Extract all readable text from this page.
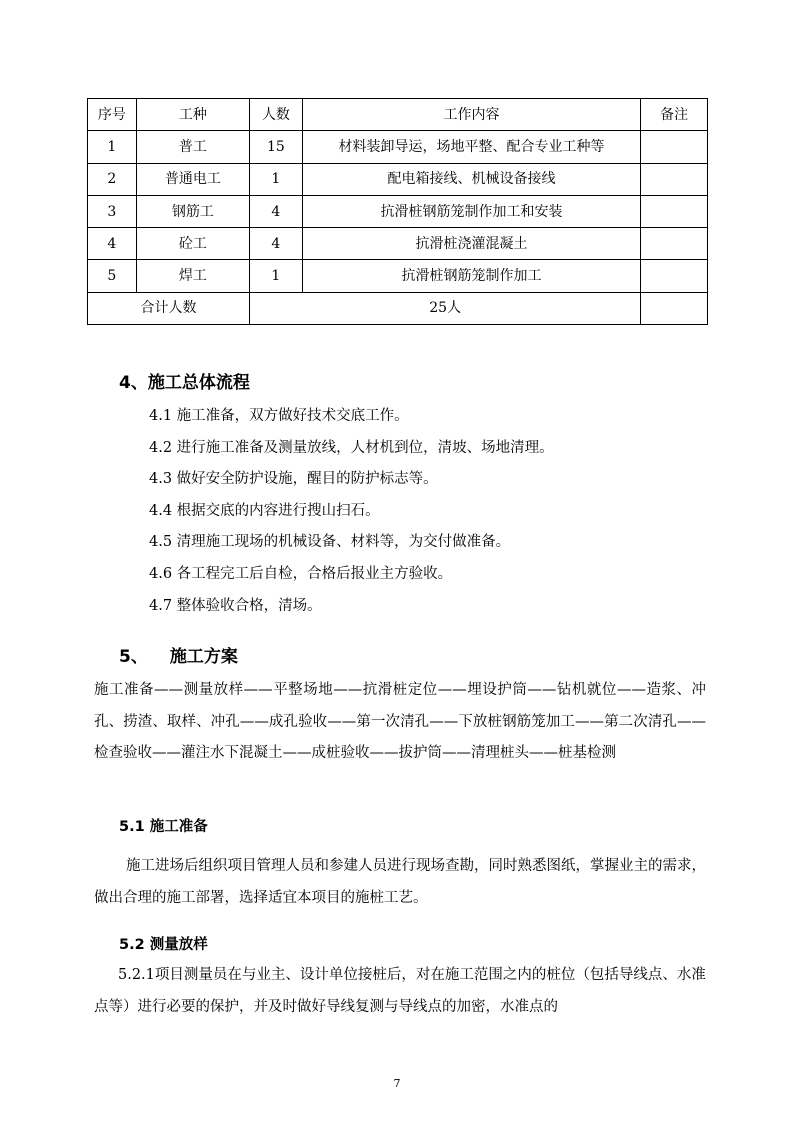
序号	工种	人数	工作内容	备注
1	普工	15	材料装卸导运，场地平整、配合专业工种等	
2	普通电工	1	配电箱接线、机械设备接线	
3	钢筋工	4	抗滑桩钢筋笼制作加工和安装	
4	砼工	4	抗滑桩浇灌混凝土	
5	焊工	1	抗滑桩钢筋笼制作加工	
合计人数		25人		
4、施工总体流程
4.1 施工准备，双方做好技术交底工作。
4.2 进行施工准备及测量放线，人材机到位，清坡、场地清理。
4.3 做好安全防护设施，醒目的防护标志等。
4.4 根据交底的内容进行搜山扫石。
4.5 清理施工现场的机械设备、材料等，为交付做准备。
4.6 各工程完工后自检，合格后报业主方验收。
4.7 整体验收合格，清场。
5、 施工方案
施工准备——测量放样——平整场地——抗滑桩定位——埋设护筒——钻机就位——造浆、冲孔、捞渣、取样、冲孔——成孔验收——第一次清孔——下放桩钢筋笼加工——第二次清孔——检查验收——灌注水下混凝土——成桩验收——拔护筒——清理桩头——桩基检测
5.1 施工准备
施工进场后组织项目管理人员和参建人员进行现场查勘，同时熟悉图纸，掌握业主的需求，做出合理的施工部署，选择适宜本项目的施桩工艺。
5.2 测量放样
5.2.1项目测量员在与业主、设计单位接桩后，对在施工范围之内的桩位（包括导线点、水准点等）进行必要的保护，并及时做好导线复测与导线点的加密，水准点的
7
